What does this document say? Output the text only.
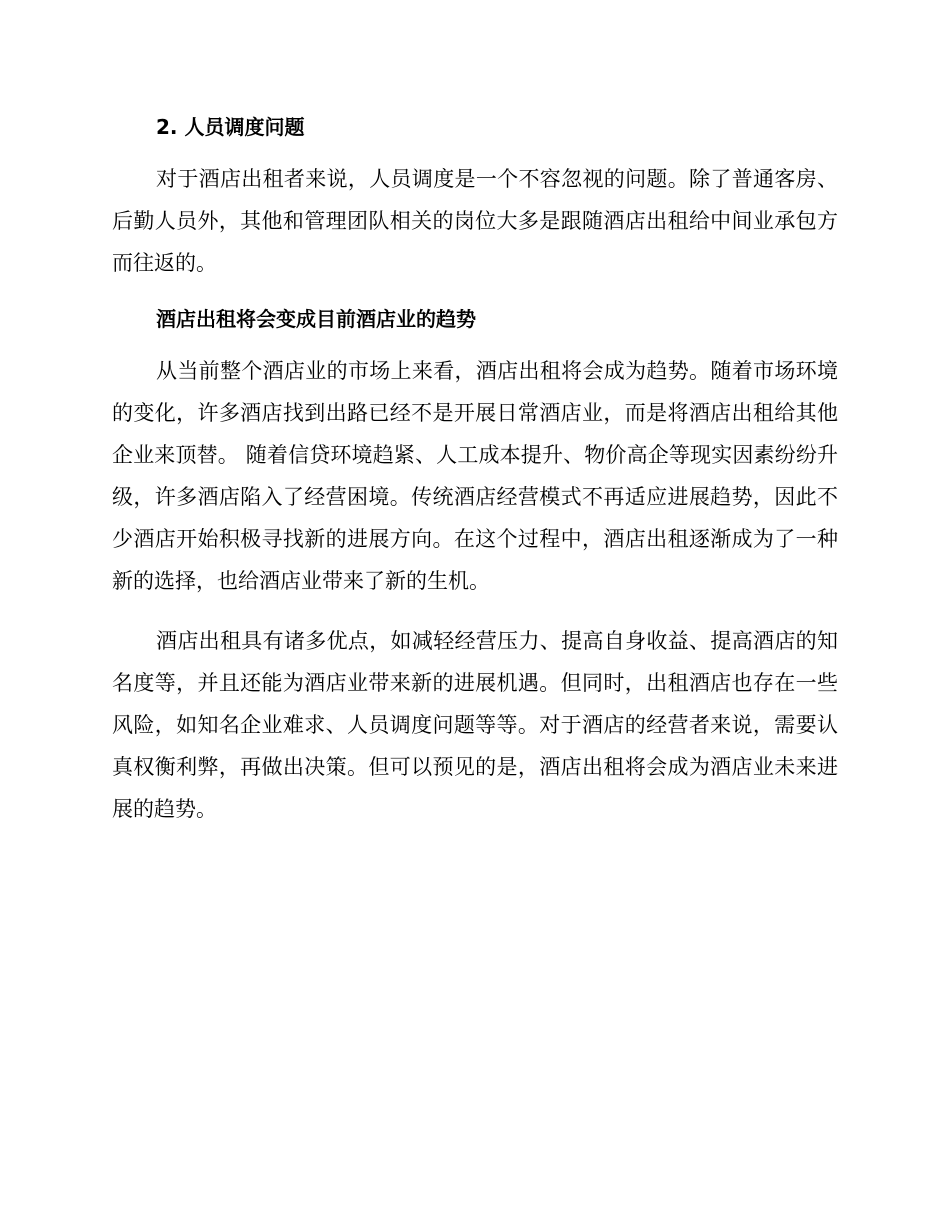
2. 人员调度问题

对于酒店出租者来说，人员调度是一个不容忽视的问题。除了普通客房、后勤人员外，其他和管理团队相关的岗位大多是跟随酒店出租给中间业承包方而往返的。

酒店出租将会变成目前酒店业的趋势

从当前整个酒店业的市场上来看，酒店出租将会成为趋势。随着市场环境的变化，许多酒店找到出路已经不是开展日常酒店业，而是将酒店出租给其他企业来顶替。 随着信贷环境趋紧、人工成本提升、物价高企等现实因素纷纷升级，许多酒店陷入了经营困境。传统酒店经营模式不再适应进展趋势，因此不少酒店开始积极寻找新的进展方向。在这个过程中，酒店出租逐渐成为了一种新的选择，也给酒店业带来了新的生机。

酒店出租具有诸多优点，如减轻经营压力、提高自身收益、提高酒店的知名度等，并且还能为酒店业带来新的进展机遇。但同时，出租酒店也存在一些风险，如知名企业难求、人员调度问题等等。对于酒店的经营者来说，需要认真权衡利弊，再做出决策。但可以预见的是，酒店出租将会成为酒店业未来进展的趋势。
